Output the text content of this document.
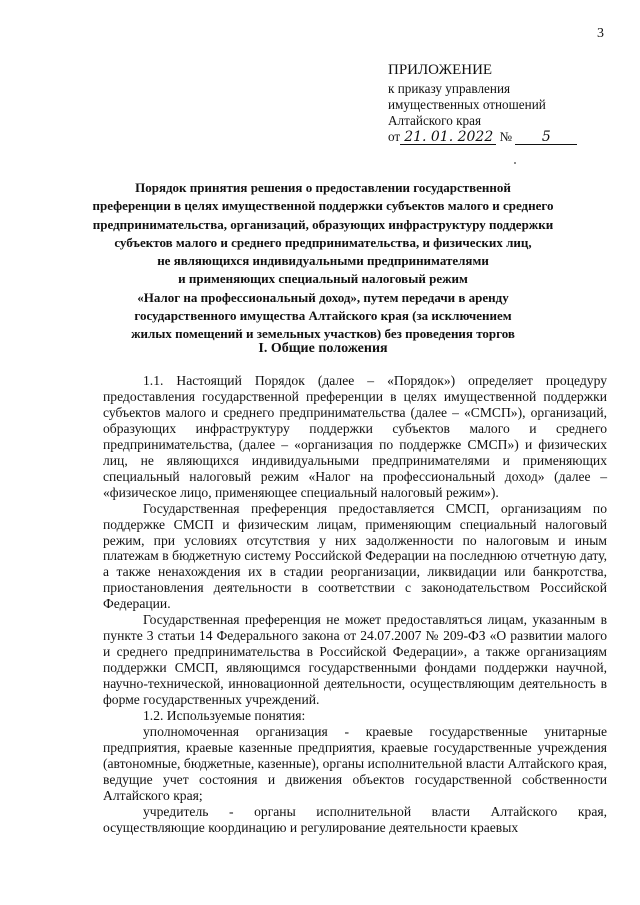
3
ПРИЛОЖЕНИЕ
к приказу управления
имущественных отношений
Алтайского края
от 21. 01. 2022 № 5
Порядок принятия решения о предоставлении государственной
преференции в целях имущественной поддержки субъектов малого и среднего
предпринимательства, организаций, образующих инфраструктуру поддержки
субъектов малого и среднего предпринимательства, и физических лиц,
не являющихся индивидуальными предпринимателями
и применяющих специальный налоговый режим
«Налог на профессиональный доход», путем передачи в аренду
государственного имущества Алтайского края (за исключением
жилых помещений и земельных участков) без проведения торгов
I. Общие положения

1.1. Настоящий Порядок (далее – «Порядок») определяет процедуру предоставления государственной преференции в целях имущественной поддержки субъектов малого и среднего предпринимательства (далее – «СМСП»), организаций, образующих инфраструктуру поддержки субъектов малого и среднего предпринимательства, (далее – «организация по поддержке СМСП») и физических лиц, не являющихся индивидуальными предпринимателями и применяющих специальный налоговый режим «Налог на профессиональный доход» (далее – «физическое лицо, применяющее специальный налоговый режим»).

Государственная преференция предоставляется СМСП, организациям по поддержке СМСП и физическим лицам, применяющим специальный налоговый режим, при условиях отсутствия у них задолженности по налоговым и иным платежам в бюджетную систему Российской Федерации на последнюю отчетную дату, а также ненахождения их в стадии реорганизации, ликвидации или банкротства, приостановления деятельности в соответствии с законодательством Российской Федерации.

Государственная преференция не может предоставляться лицам, указанным в пункте 3 статьи 14 Федерального закона от 24.07.2007 № 209-ФЗ «О развитии малого и среднего предпринимательства в Российской Федерации», а также организациям поддержки СМСП, являющимся государственными фондами поддержки научной, научно-технической, инновационной деятельности, осуществляющим деятельность в форме государственных учреждений.

1.2. Используемые понятия:

уполномоченная организация - краевые государственные унитарные предприятия, краевые казенные предприятия, краевые государственные учреждения (автономные, бюджетные, казенные), органы исполнительной власти Алтайского края, ведущие учет состояния и движения объектов государственной собственности Алтайского края;

учредитель - органы исполнительной власти Алтайского края, осуществляющие координацию и регулирование деятельности краевых
